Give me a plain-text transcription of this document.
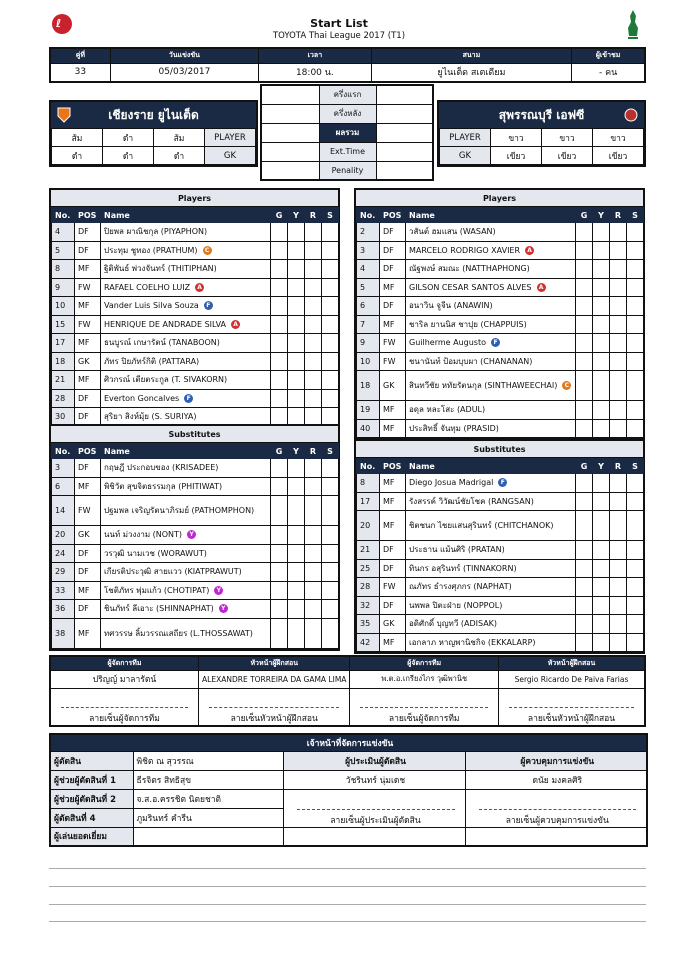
ℓ	Start List
TOYOTA Thai League 2017 (T1)
คู่ที่	วันแข่งขัน	เวลา	สนาม	ผู้เข้าชม
33	05/03/2017	18:00 น.	ยูไนเต็ด สเตเดียม	- คน
เชียงราย ยูไนเต็ด
ส้ม	ดำ	ส้ม	PLAYER
ดำ	ดำ	ดำ	GK
	ครึ่งแรก	
	ครึ่งหลัง	
	ผลรวม	
	Ext.Time	
	Penality	
สุพรรณบุรี เอฟซี
PLAYER	ขาว	ขาว	ขาว
GK	เขียว	เขียว	เขียว
Players
No.	POS	Name	G	Y	R	S
4	DF	ปิยพล ผาณิชกุล (PIYAPHON)				
5	DF	ประทุม ชูทอง (PRATHUM) C				
8	MF	ฐิติพันธ์ พ่วงจันทร์ (THITIPHAN)				
9	FW	RAFAEL COELHO LUIZ A				
10	MF	Vander Luis Silva Souza F				
15	FW	HENRIQUE DE ANDRADE SILVA A				
17	MF	ธนบูรณ์ เกษารัตน์ (TANABOON)				
18	GK	ภัทร ปิยภัทร์กิติ (PATTARA)				
21	MF	ศิวกรณ์ เตียตระกูล (T. SIVAKORN)				
28	DF	Everton Goncalves F				
30	DF	สุริยา สิงห์มุ้ย (S. SURIYA)				
Substitutes
No.	POS	Name	G	Y	R	S
3	DF	กฤษฎี ประกอบของ (KRISADEE)				
6	MF	พิชิวัต สุขจิตธรรมกุล (PHITIWAT)				
14	FW	ปฐมพล เจริญรัตนาภิรมย์ (PATHOMPHON)				
20	GK	นนท์ ม่วงงาม (NONT) Y				
24	DF	วรวุฒิ นามเวช (WORAWUT)				
29	DF	เกียรติประวุฒิ สายแวว (KIATPRAWUT)				
33	MF	โชติภัทร พุ่มแก้ว (CHOTIPAT) Y				
36	DF	ชินภัทร์ ลีเอาะ (SHINNAPHAT) Y				
38	MF	ทศวรรษ ลิ้มวรรณเสถียร (L.THOSSAWAT)				
Players
No.	POS	Name	G	Y	R	S
2	DF	วสันต์ ฮมแสน (WASAN)				
3	DF	MARCELO RODRIGO XAVIER A				
4	DF	ณัฐพงษ์ สมณะ (NATTHAPHONG)				
5	MF	GILSON CESAR SANTOS ALVES A				
6	DF	อนาวิน จูจีน (ANAWIN)				
7	MF	ชาริล ยานนิส ชาปุย (CHAPPUIS)				
9	FW	Guilherme Augusto F				
10	FW	ชนานันท์ ป้อมบุบผา (CHANANAN)				
18	GK	สินทวีชัย หทัยรัตนกุล (SINTHAWEECHAI) C				
19	MF	อดุล หละโสะ (ADUL)				
40	MF	ประสิทธิ์ จันทุม (PRASID)				
Substitutes
No.	POS	Name	G	Y	R	S
8	MF	Diego Josua Madrigal F				
17	MF	รังสรรค์ วิวัฒน์ชัยโชค (RANGSAN)				
20	MF	ชิตชนก ไชยแสนสุรินทร์ (CHITCHANOK)				
21	DF	ประธาน แม้นศิริ (PRATAN)				
25	DF	ทินกร อสุรินทร์ (TINNAKORN)				
28	FW	ณภัทร ธำรงศุภกร (NAPHAT)				
32	DF	นพพล ปิตะฝ่าย (NOPPOL)				
35	GK	อดิศักดิ์ บุญทวี (ADISAK)				
42	MF	เอกลาภ หาญพานิชกิจ (EKKALARP)				
ผู้จัดการทีม	หัวหน้าผู้ฝึกสอน	ผู้จัดการทีม	หัวหน้าผู้ฝึกสอน
ปริญญ์ มาลารัตน์	ALEXANDRE TORREIRA DA GAMA LIMA	พ.ต.อ.เกรียงไกร วุฒิพานิช	Sergio Ricardo De Paiva Farias

ลายเซ็นผู้จัดการทีม	ลายเซ็นหัวหน้าผู้ฝึกสอน	ลายเซ็นผู้จัดการทีม	ลายเซ็นหัวหน้าผู้ฝึกสอน
เจ้าหน้าที่จัดการแข่งขัน			
ผู้ตัดสิน	พิชิต ณ สุวรรณ	ผู้ประเมินผู้ตัดสิน	ผู้ควบคุมการแข่งขัน
ผู้ช่วยผู้ตัดสินที่ 1	ธีรจิตร สิทธิสุข	วัชรินทร์ นุ่มเดช	ดนัย มงคลศิริ
ผู้ช่วยผู้ตัดสินที่ 2	จ.ส.อ.ครรชิต นิตยชาติ	ลายเซ็นผู้ประเมินผู้ตัดสิน	ลายเซ็นผู้ควบคุมการแข่งขัน
ผู้ตัดสินที่ 4	ภูมรินทร์ คำรีน		
ผู้เล่นยอดเยี่ยม			
